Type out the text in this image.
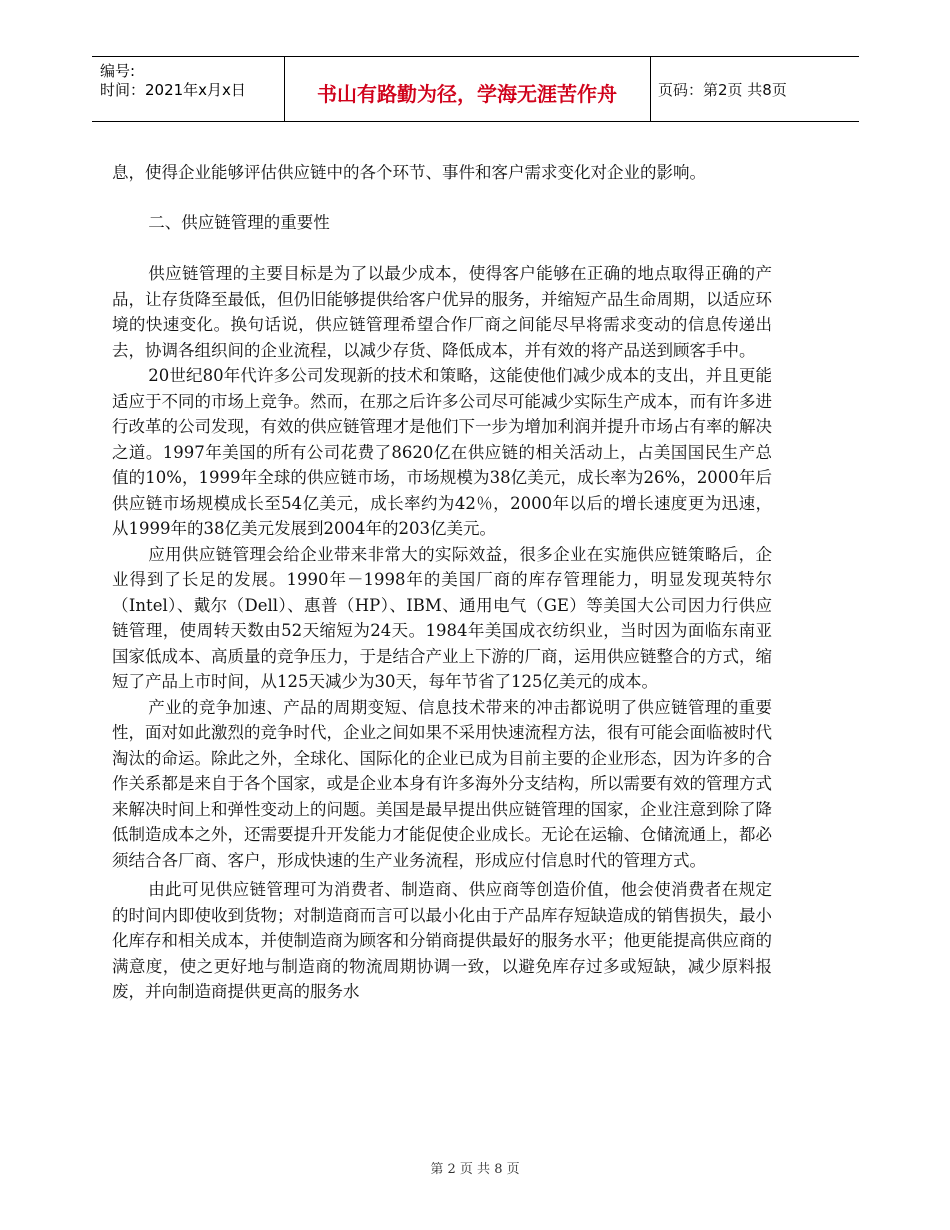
编号:
时间：2021年x月x日	书山有路勤为径，学海无涯苦作舟	页码：第2页 共8页

息，使得企业能够评估供应链中的各个环节、事件和客户需求变化对企业的影响。

二、供应链管理的重要性

供应链管理的主要目标是为了以最少成本，使得客户能够在正确的地点取得正确的产品，让存货降至最低，但仍旧能够提供给客户优异的服务，并缩短产品生命周期，以适应环境的快速变化。换句话说，供应链管理希望合作厂商之间能尽早将需求变动的信息传递出去，协调各组织间的企业流程，以减少存货、降低成本，并有效的将产品送到顾客手中。

20世纪80年代许多公司发现新的技术和策略，这能使他们减少成本的支出，并且更能适应于不同的市场上竞争。然而，在那之后许多公司尽可能减少实际生产成本，而有许多进行改革的公司发现，有效的供应链管理才是他们下一步为增加利润并提升市场占有率的解决之道。1997年美国的所有公司花费了8620亿在供应链的相关活动上，占美国国民生产总值的10%，1999年全球的供应链市场，市场规模为38亿美元，成长率为26%，2000年后供应链市场规模成长至54亿美元，成长率约为42％，2000年以后的增长速度更为迅速，从1999年的38亿美元发展到2004年的203亿美元。

应用供应链管理会给企业带来非常大的实际效益，很多企业在实施供应链策略后，企业得到了长足的发展。1990年－1998年的美国厂商的库存管理能力，明显发现英特尔（Intel）、戴尔（Dell）、惠普（HP）、IBM、通用电气（GE）等美国大公司因力行供应链管理，使周转天数由52天缩短为24天。1984年美国成衣纺织业，当时因为面临东南亚国家低成本、高质量的竞争压力，于是结合产业上下游的厂商，运用供应链整合的方式，缩短了产品上市时间，从125天减少为30天，每年节省了125亿美元的成本。

产业的竞争加速、产品的周期变短、信息技术带来的冲击都说明了供应链管理的重要性，面对如此激烈的竞争时代，企业之间如果不采用快速流程方法，很有可能会面临被时代淘汰的命运。除此之外，全球化、国际化的企业已成为目前主要的企业形态，因为许多的合作关系都是来自于各个国家，或是企业本身有许多海外分支结构，所以需要有效的管理方式来解决时间上和弹性变动上的问题。美国是最早提出供应链管理的国家，企业注意到除了降低制造成本之外，还需要提升开发能力才能促使企业成长。无论在运输、仓储流通上，都必须结合各厂商、客户，形成快速的生产业务流程，形成应付信息时代的管理方式。

由此可见供应链管理可为消费者、制造商、供应商等创造价值，他会使消费者在规定的时间内即使收到货物；对制造商而言可以最小化由于产品库存短缺造成的销售损失，最小化库存和相关成本，并使制造商为顾客和分销商提供最好的服务水平；他更能提高供应商的满意度，使之更好地与制造商的物流周期协调一致，以避免库存过多或短缺，减少原料报废，并向制造商提供更高的服务水

第 2 页 共 8 页
